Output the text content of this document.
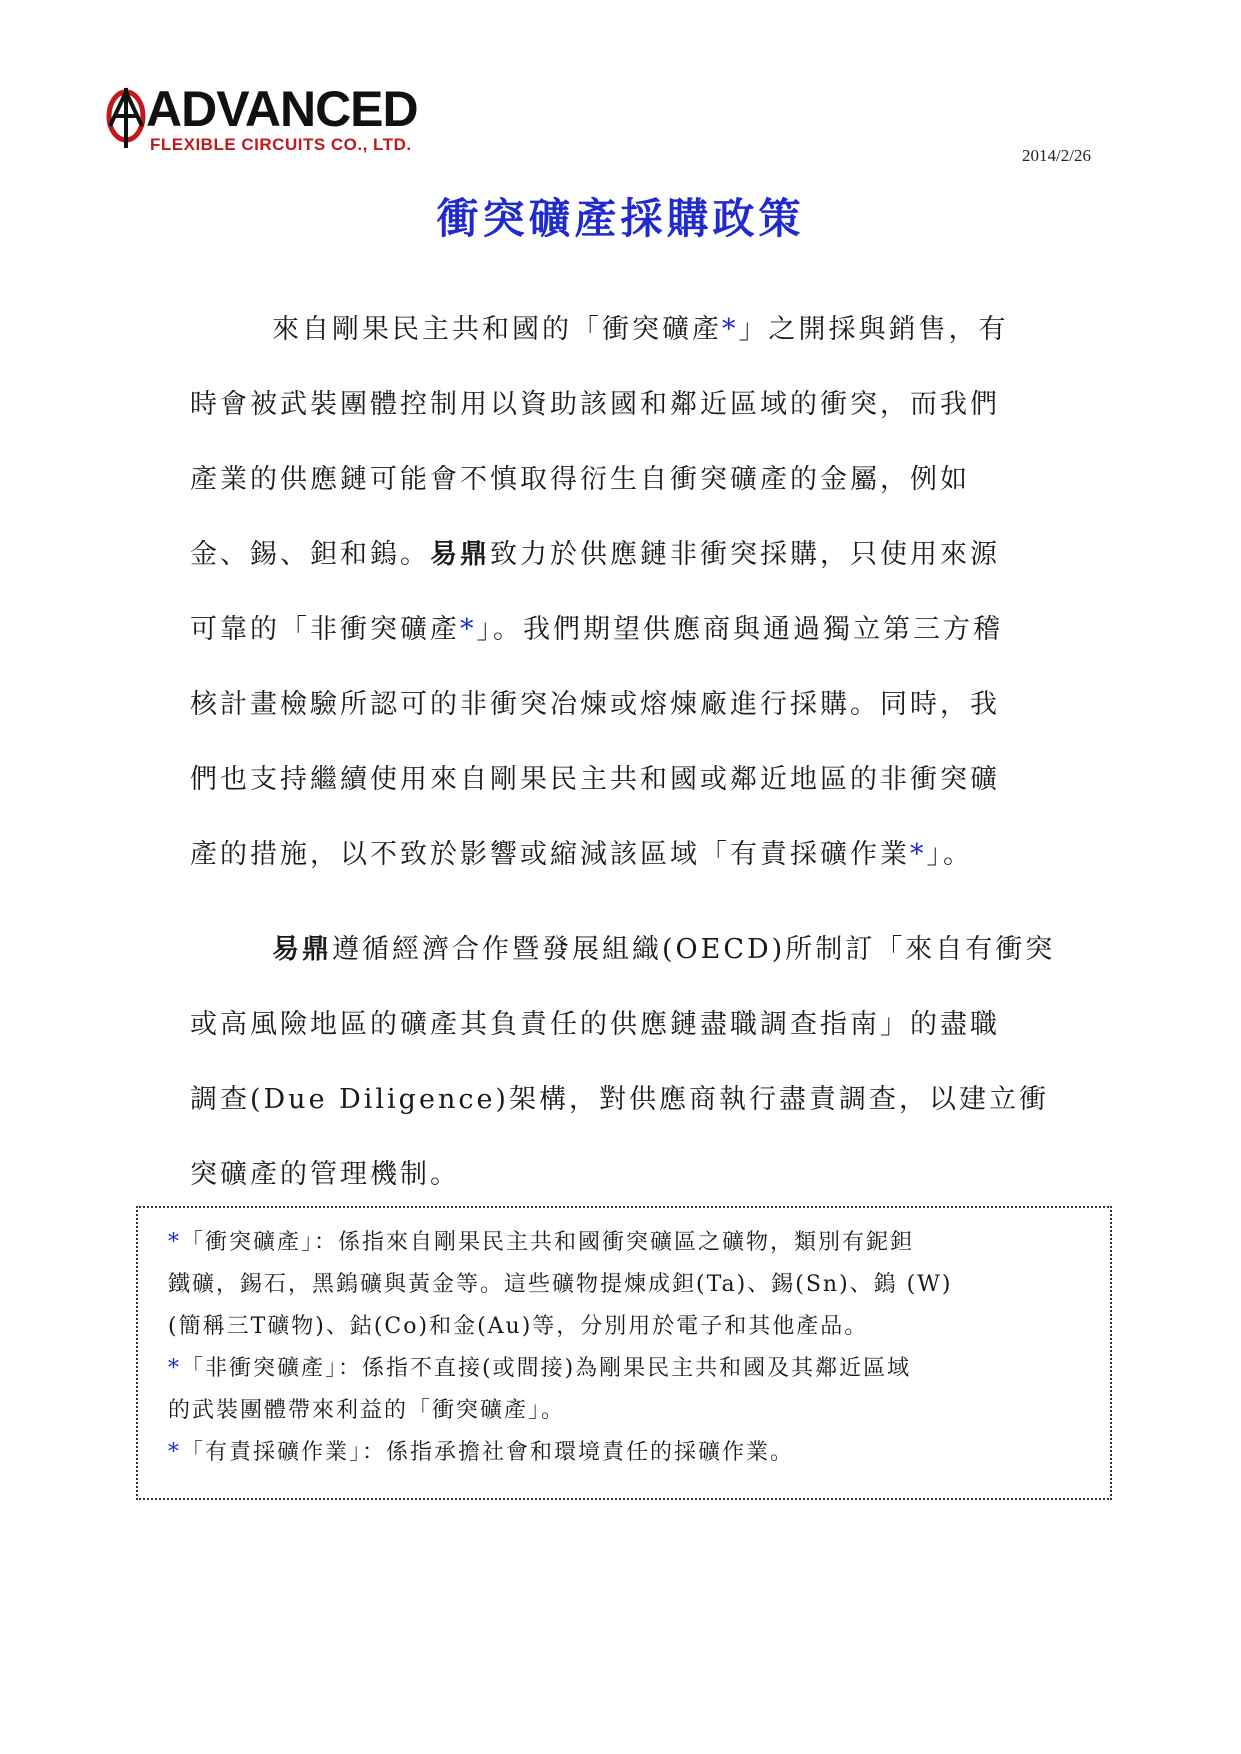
ADVANCED
FLEXIBLE CIRCUITS CO., LTD.
2014/2/26
衝突礦產採購政策
來自剛果民主共和國的「衝突礦產*」之開採與銷售，有
時會被武裝團體控制用以資助該國和鄰近區域的衝突，而我們
產業的供應鏈可能會不慎取得衍生自衝突礦產的金屬，例如
金、錫、鉭和鎢。易鼎致力於供應鏈非衝突採購，只使用來源
可靠的「非衝突礦產*」。我們期望供應商與通過獨立第三方稽
核計畫檢驗所認可的非衝突冶煉或熔煉廠進行採購。同時，我
們也支持繼續使用來自剛果民主共和國或鄰近地區的非衝突礦
產的措施，以不致於影響或縮減該區域「有責採礦作業*」。
易鼎遵循經濟合作暨發展組織(OECD)所制訂「來自有衝突
或高風險地區的礦產其負責任的供應鏈盡職調查指南」的盡職
調查(Due Diligence)架構，對供應商執行盡責調查，以建立衝
突礦產的管理機制。
*「衝突礦產」：係指來自剛果民主共和國衝突礦區之礦物，類別有鈮鉭
鐵礦，錫石，黑鎢礦與黃金等。這些礦物提煉成鉭(Ta)、錫(Sn)、鎢 (W)
(簡稱三T礦物)、鈷(Co)和金(Au)等，分別用於電子和其他產品。
*「非衝突礦產」：係指不直接(或間接)為剛果民主共和國及其鄰近區域
的武裝團體帶來利益的「衝突礦產」。
*「有責採礦作業」：係指承擔社會和環境責任的採礦作業。
